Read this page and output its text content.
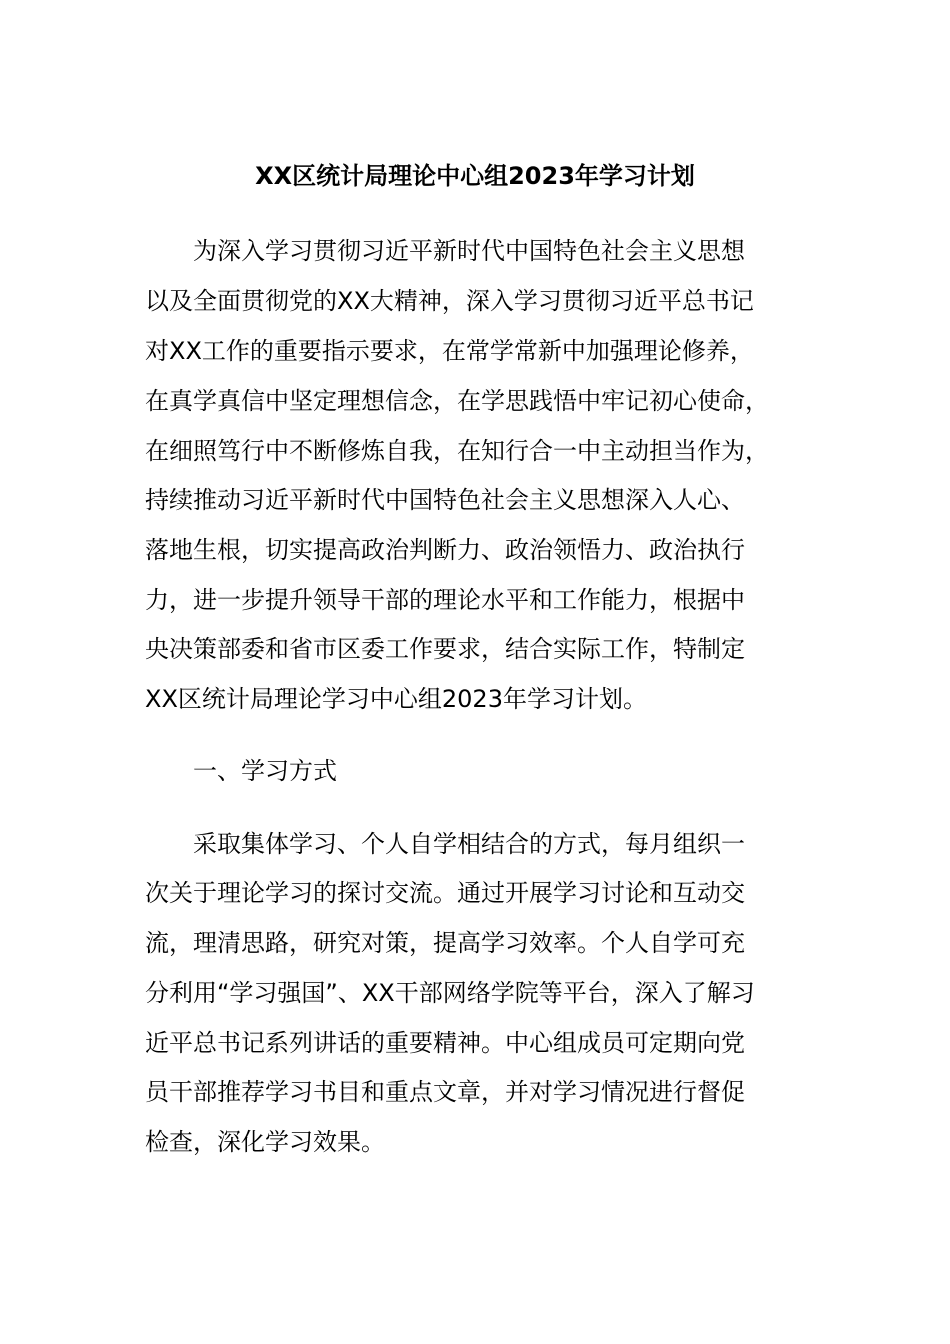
XX区统计局理论中心组2023年学习计划

为深入学习贯彻习近平新时代中国特色社会主义思想

以及全面贯彻党的XX大精神，深入学习贯彻习近平总书记

对XX工作的重要指示要求，在常学常新中加强理论修养，

在真学真信中坚定理想信念，在学思践悟中牢记初心使命，

在细照笃行中不断修炼自我，在知行合一中主动担当作为，

持续推动习近平新时代中国特色社会主义思想深入人心、

落地生根，切实提高政治判断力、政治领悟力、政治执行

力，进一步提升领导干部的理论水平和工作能力，根据中

央决策部委和省市区委工作要求，结合实际工作，特制定

XX区统计局理论学习中心组2023年学习计划。

一、学习方式

采取集体学习、个人自学相结合的方式，每月组织一

次关于理论学习的探讨交流。通过开展学习讨论和互动交

流，理清思路，研究对策，提高学习效率。个人自学可充

分利用“学习强国”、XX干部网络学院等平台，深入了解习

近平总书记系列讲话的重要精神。中心组成员可定期向党

员干部推荐学习书目和重点文章，并对学习情况进行督促

检查，深化学习效果。
